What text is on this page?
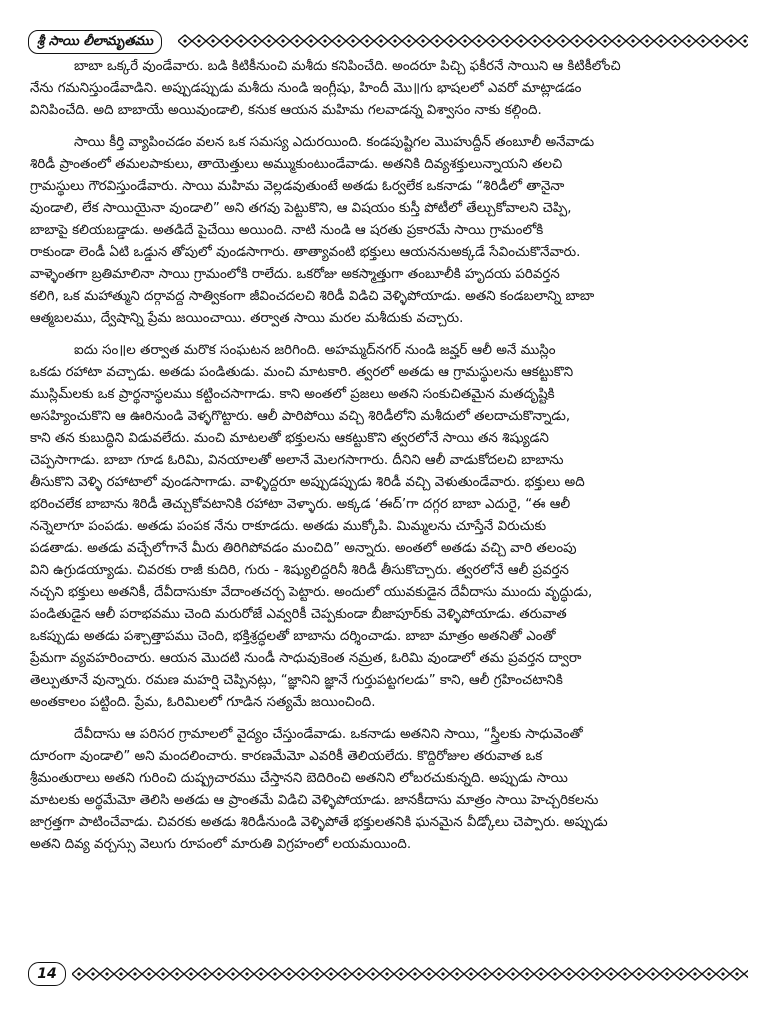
శ్రీ సాయి లీలామృతము
బాబా ఒక్కరే వుండేవారు. బడి కిటికీనుంచి మశీదు కనిపించేది. అందరూ పిచ్చి ఫకీరనే సాయిని ఆ కిటికీలోంచి
నేను గమనిస్తుండేవాడిని. అప్పుడప్పుడు మశీదు నుండి ఇంగ్లీషు, హిందీ మొ॥గు భాషలలో ఎవరో మాట్లాడడం
వినిపించేది. అది బాబాయే అయివుండాలి, కనుక ఆయన మహిమ గలవాడన్న విశ్వాసం నాకు కల్గింది.
సాయి కీర్తి వ్యాపించడం వలన ఒక సమస్య ఎదురయింది. కండపుష్టిగల మొహుద్దీన్ తంబూలీ అనేవాడు
శిరిడీ ప్రాంతంలో తమలపాకులు, తాయెత్తులు అమ్ముకుంటుండేవాడు. అతనికి దివ్యశక్తులున్నాయని తలచి
గ్రామస్థులు గౌరవిస్తుండేవారు. సాయి మహిమ వెల్లడవుతుంటే అతడు ఓర్వలేక ఒకనాడు “శిరిడీలో తానైనా
వుండాలి, లేక సాయియైనా వుండాలి” అని తగవు పెట్టుకొని, ఆ విషయం కుస్తీ పోటీలో తేల్చుకోవాలని చెప్పి,
బాబాపై కలియబడ్డాడు. అతడిదే పైచేయి అయింది. నాటి నుండి ఆ షరతు ప్రకారమే సాయి గ్రామంలోకి
రాకుండా లెండీ ఏటి ఒడ్డున తోపులో వుండసాగారు. తాత్యావంటి భక్తులు ఆయననుఅక్కడే సేవించుకొనేవారు.
వాళ్ళెంతగా బ్రతిమాలినా సాయి గ్రామంలోకి రాలేదు. ఒకరోజు అకస్మాత్తుగా తంబూలీకి హృదయ పరివర్తన
కలిగి, ఒక మహాత్ముని దర్గావద్ద సాత్వికంగా జీవించదలచి శిరిడీ విడిచి వెళ్ళిపోయాడు. అతని కండబలాన్ని బాబా
ఆత్మబలము, ద్వేషాన్ని ప్రేమ జయించాయి. తర్వాత సాయి మరల మశీదుకు వచ్చారు.
ఐదు సం॥ల తర్వాత మరొక సంఘటన జరిగింది. అహమ్మద్‌నగర్ నుండి జవ్హర్ ఆలీ అనే ముస్లిం
ఒకడు రహాటా వచ్చాడు. అతడు పండితుడు. మంచి మాటకారి. త్వరలో అతడు ఆ గ్రామస్థులను ఆకట్టుకొని
ముస్లిమ్‌లకు ఒక ప్రార్థనాస్థలము కట్టించసాగాడు. కాని అంతలో ప్రజలు అతని సంకుచితమైన మతదృష్టికి
అసహ్యించుకొని ఆ ఊరినుండి వెళ్ళగొట్టారు. ఆలీ పారిపోయి వచ్చి శిరిడీలోని మశీదులో తలదాచుకొన్నాడు,
కాని తన కుబుద్ధిని విడువలేదు. మంచి మాటలతో భక్తులను ఆకట్టుకొని త్వరలోనే సాయి తన శిష్యుడని
చెప్పసాగాడు. బాబా గూడ ఓరిమి, వినయాలతో అలానే మెలగసాగారు. దీనిని ఆలీ వాడుకోదలచి బాబాను
తీసుకొని వెళ్ళి రహాటాలో వుండసాగాడు. వాళ్ళిద్దరూ అప్పుడప్పుడు శిరిడీ వచ్చి వెళుతుండేవారు. భక్తులు అది
భరించలేక బాబాను శిరిడీ తెచ్చుకోవటానికి రహాటా వెళ్ళారు. అక్కడ ‘ఈద్’గా దగ్గర బాబా ఎదురై, “ఈ ఆలీ
నన్నెలాగూ పంపడు. అతడు పంపక నేను రాకూడదు. అతడు ముక్కోపి. మిమ్మలను చూస్తేనే విరుచుకు
పడతాడు. అతడు వచ్చేలోగానే మీరు తిరిగిపోవడం మంచిది” అన్నారు. అంతలో అతడు వచ్చి వారి తలంపు
విని ఉగ్రుడయ్యాడు. చివరకు రాజీ కుదిరి, గురు - శిష్యులిద్దరినీ శిరిడీ తీసుకొచ్చారు. త్వరలోనే ఆలీ ప్రవర్తన
నచ్చని భక్తులు అతనికీ, దేవీదాసుకూ వేదాంతచర్చ పెట్టారు. అందులో యువకుడైన దేవీదాసు ముందు వృద్ధుడు,
పండితుడైన ఆలీ పరాభవము చెంది మరురోజే ఎవ్వరికీ చెప్పకుండా బీజాపూర్‌కు వెళ్ళిపోయాడు. తరువాత
ఒకప్పుడు అతడు పశ్చాత్తాపము చెంది, భక్తిశ్రద్ధలతో బాబాను దర్శించాడు. బాబా మాత్రం అతనితో ఎంతో
ప్రేమగా వ్యవహరించారు. ఆయన మొదటి నుండీ సాధువుకెంత నమ్రత, ఓరిమి వుండాలో తమ ప్రవర్తన ద్వారా
తెల్పుతూనే వున్నారు. రమణ మహర్షి చెప్పినట్లు, “జ్ఞానిని జ్ఞానే గుర్తుపట్టగలడు” కాని, ఆలీ గ్రహించటానికి
అంతకాలం పట్టింది. ప్రేమ, ఓరిమిలలో గూడిన సత్యమే జయించింది.
దేవీదాసు ఆ పరిసర గ్రామాలలో వైద్యం చేస్తుండేవాడు. ఒకనాడు అతనిని సాయి, “స్త్రీలకు సాధువెంతో
దూరంగా వుండాలి” అని మందలించారు. కారణమేమో ఎవరికీ తెలియలేదు. కొద్దిరోజుల తరువాత ఒక
శ్రీమంతురాలు అతని గురించి దుష్ప్రచారము చేస్తానని బెదిరించి అతనిని లోబరచుకున్నది. అప్పుడు సాయి
మాటలకు అర్థమేమో తెలిసి అతడు ఆ ప్రాంతమే విడిచి వెళ్ళిపోయాడు. జానకీదాసు మాత్రం సాయి హెచ్చరికలను
జాగ్రత్తగా పాటించేవాడు. చివరకు అతడు శిరిడీనుండి వెళ్ళిపోతే భక్తులతనికి ఘనమైన వీడ్కోలు చెప్పారు. అప్పుడు
అతని దివ్య వర్చస్సు వెలుగు రూపంలో మారుతి విగ్రహంలో లయమయింది.
14
